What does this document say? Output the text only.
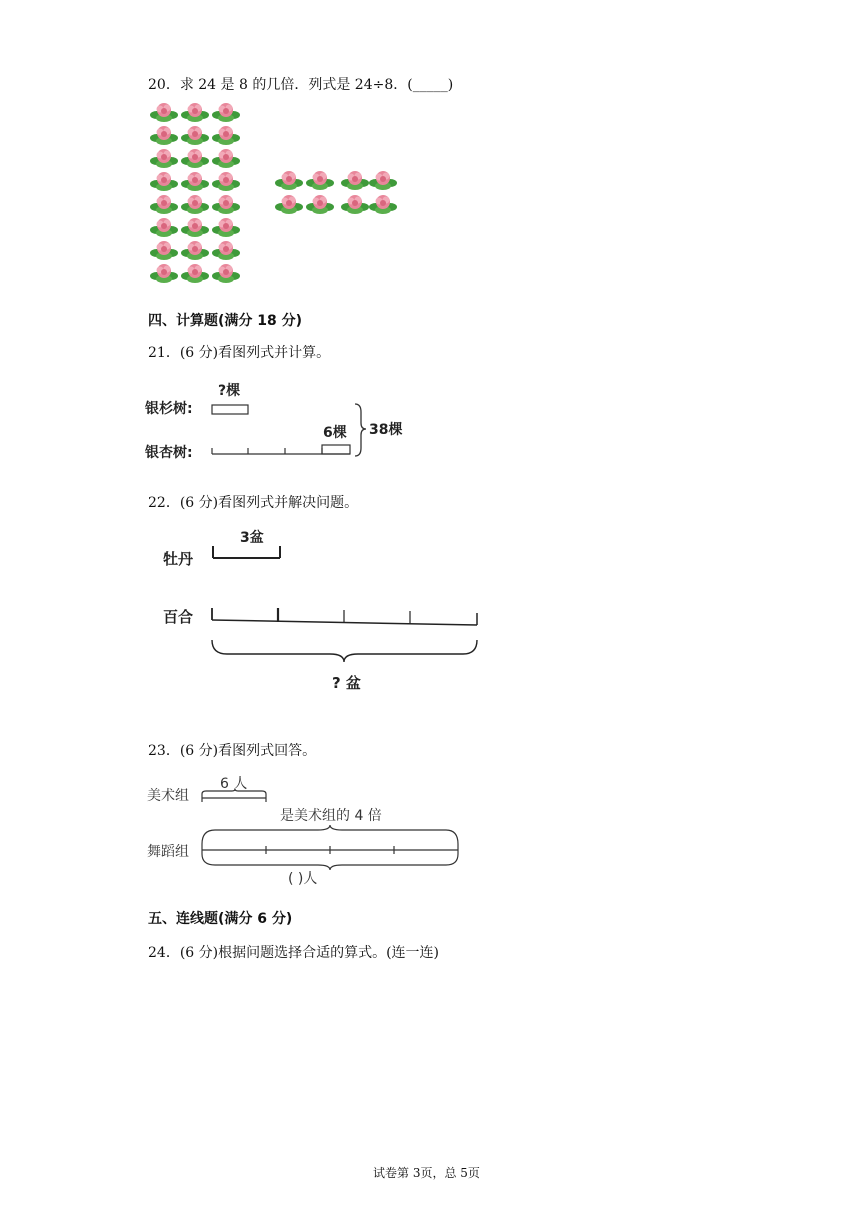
20．求 24 是 8 的几倍．列式是 24÷8．(_____)
四、计算题(满分 18 分)
21．(6 分)看图列式并计算。
银杉树:
银杏树:
?棵
6棵 38棵
22．(6 分)看图列式并解决问题。
牡丹
3盆
百合
? 盆
23．(6 分)看图列式回答。
美术组
6 人
是美术组的 4 倍
舞蹈组
( )人
五、连线题(满分 6 分)
24．(6 分)根据问题选择合适的算式。(连一连)
试卷第 3页，总 5页
